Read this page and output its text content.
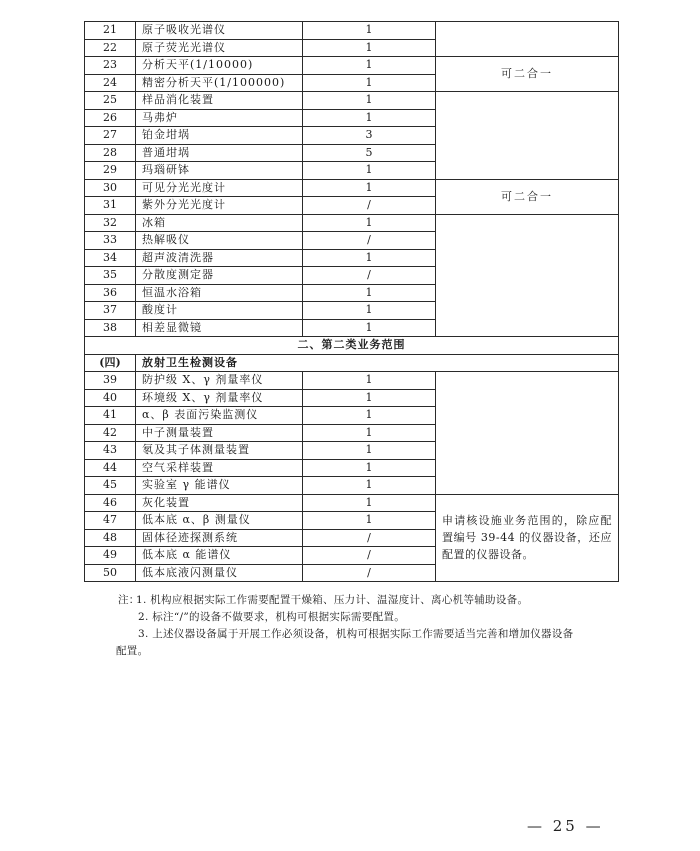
21	原子吸收光谱仪	1	
22	原子荧光光谱仪	1	
23	分析天平(1/10000)	1	可二合一
24	精密分析天平(1/100000)	1	
25	样品消化装置	1	
26	马弗炉	1	
27	铂金坩埚	3	
28	普通坩埚	5	
29	玛瑙研钵	1	
30	可见分光光度计	1	可二合一
31	紫外分光光度计	/	
32	冰箱	1	
33	热解吸仪	/	
34	超声波清洗器	1	
35	分散度测定器	/	
36	恒温水浴箱	1	
37	酸度计	1	
38	相差显微镜	1	
二、第二类业务范围			
(四)	放射卫生检测设备		
39	防护级 X、γ 剂量率仪	1	
40	环境级 X、γ 剂量率仪	1	
41	α、β 表面污染监测仪	1	
42	中子测量装置	1	
43	氡及其子体测量装置	1	
44	空气采样装置	1	
45	实验室 γ 能谱仪	1	
46	灰化装置	1	申请核设施业务范围的，除应配置编号 39-44 的仪器设备，还应配置的仪器设备。
47	低本底 α、β 测量仪	1	
48	固体径迹探测系统	/	
49	低本底 α 能谱仪	/	
50	低本底液闪测量仪	/	
注：
1. 机构应根据实际工作需要配置干燥箱、压力计、温湿度计、离心机等辅助设备。
2. 标注“/”的设备不做要求，机构可根据实际需要配置。
3. 上述仪器设备属于开展工作必须设备，机构可根据实际工作需要适当完善和增加仪器设备
配置。
— 25 —
